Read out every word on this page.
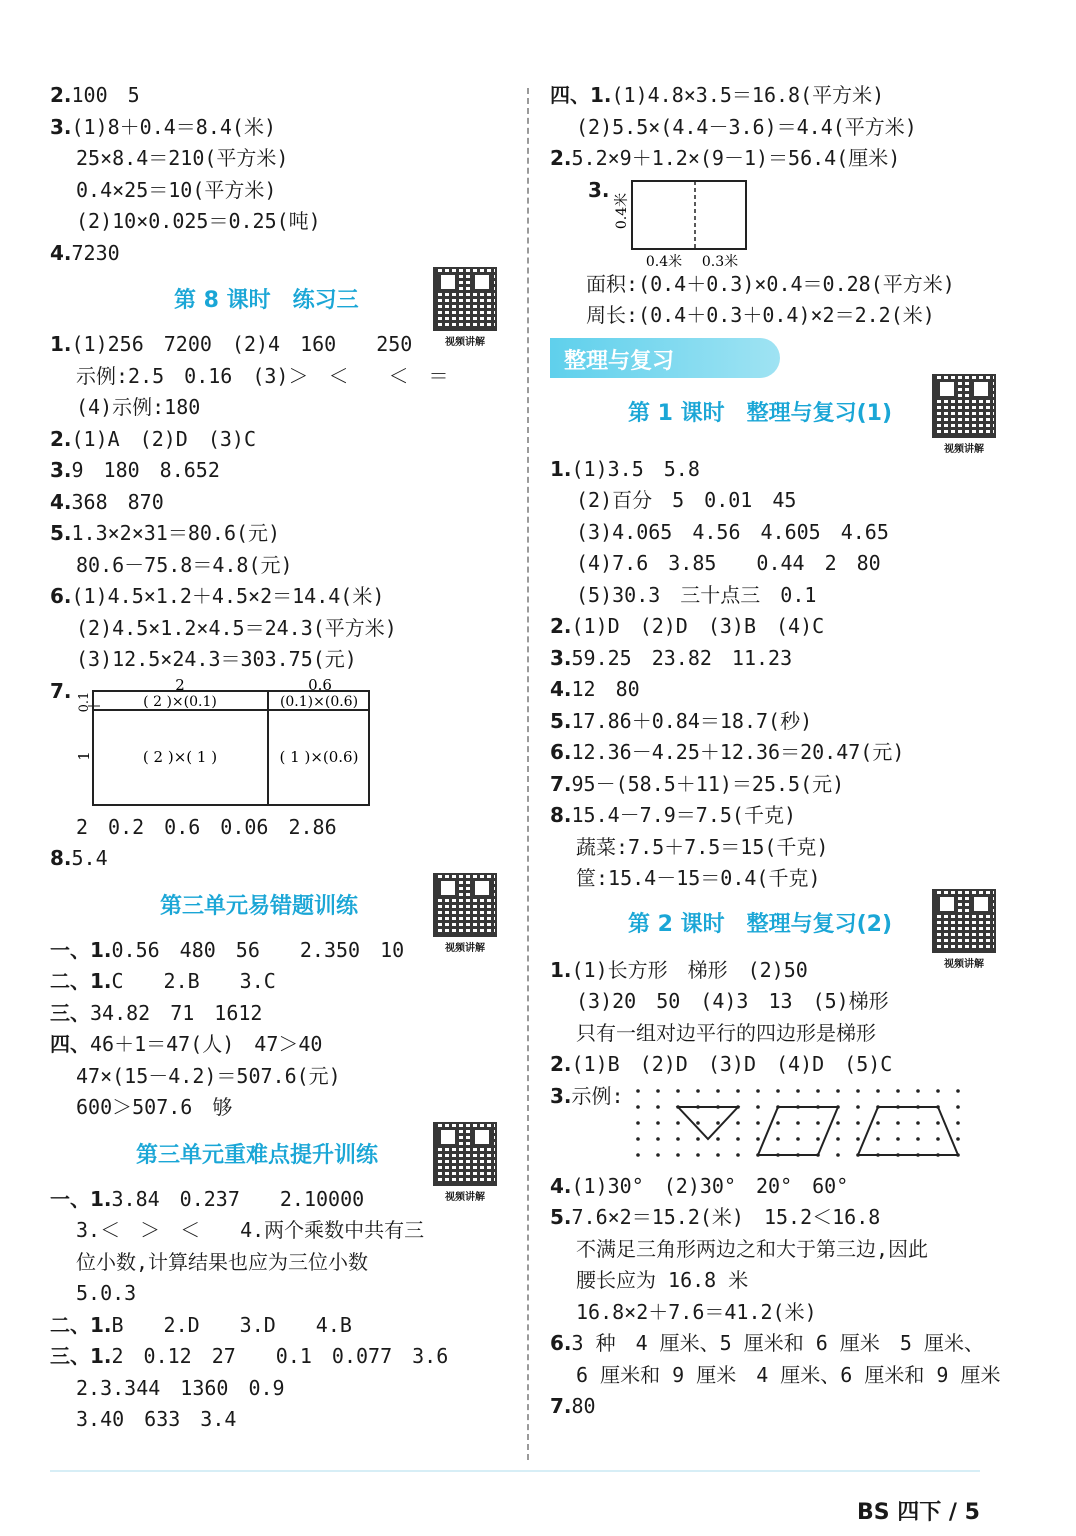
2.100　5
3.(1)8＋0.4＝8.4(米)
25×8.4＝210(平方米)
0.4×25＝10(平方米)
(2)10×0.025＝0.25(吨)
4.7230
第 8 课时　练习三
视频讲解
1.(1)256　7200　(2)4　160　　250
示例:2.5　0.16　(3)＞　＜　　＜　＝
(4)示例:180
2.(1)A　(2)D　(3)C
3.9　180　8.652
4.368　870
5.1.3×2×31＝80.6(元)
80.6－75.8＝4.8(元)
6.(1)4.5×1.2＋4.5×2＝14.4(米)
(2)4.5×1.2×4.5＝24.3(平方米)
(3)12.5×24.3＝303.75(元)
7.	2	0.6
0.1
1
( 2 )×(0.1)	(0.1)×(0.6)
( 2 )×( 1 )	( 1 )×(0.6)
2　0.2　0.6　0.06　2.86
8.5.4
第三单元易错题训练
视频讲解
一、1.0.56　480　56　　2.350　10
二、1.C　　2.B　　3.C
三、34.82　71　1612
四、46＋1＝47(人)　47＞40
47×(15－4.2)＝507.6(元)
600＞507.6　够
第三单元重难点提升训练
视频讲解
一、1.3.84　0.237　　2.10000
3.＜　＞　＜　　4.两个乘数中共有三
位小数,计算结果也应为三位小数
5.0.3
二、1.B　　2.D　　3.D　　4.B
三、1.2　0.12　27　　0.1　0.077　3.6
2.3.344　1360　0.9
3.40　633　3.4
四、1.(1)4.8×3.5＝16.8(平方米)
(2)5.5×(4.4－3.6)＝4.4(平方米)
2.5.2×9＋1.2×(9－1)＝56.4(厘米)
3.
0.4米
0.4米 0.3米
面积:(0.4＋0.3)×0.4＝0.28(平方米)
周长:(0.4＋0.3＋0.4)×2＝2.2(米)
整理与复习
第 1 课时　整理与复习(1)
视频讲解
1.(1)3.5　5.8
(2)百分　5　0.01　45
(3)4.065　4.56　4.605　4.65
(4)7.6　3.85　　0.44　2　80
(5)30.3　三十点三　0.1
2.(1)D　(2)D　(3)B　(4)C
3.59.25　23.82　11.23
4.12　80
5.17.86＋0.84＝18.7(秒)
6.12.36－4.25＋12.36＝20.47(元)
7.95－(58.5＋11)＝25.5(元)
8.15.4－7.9＝7.5(千克)
蔬菜:7.5＋7.5＝15(千克)
筐:15.4－15＝0.4(千克)
第 2 课时　整理与复习(2)
视频讲解
1.(1)长方形　梯形　(2)50
(3)20　50　(4)3　13　(5)梯形
只有一组对边平行的四边形是梯形
2.(1)B　(2)D　(3)D　(4)D　(5)C
3.示例:
4.(1)30°　(2)30°　20°　60°
5.7.6×2＝15.2(米)　15.2＜16.8
不满足三角形两边之和大于第三边,因此
腰长应为 16.8 米
16.8×2＋7.6＝41.2(米)
6.3 种　4 厘米、5 厘米和 6 厘米　5 厘米、
6 厘米和 9 厘米　4 厘米、6 厘米和 9 厘米
7.80
BS 四下 / 5
